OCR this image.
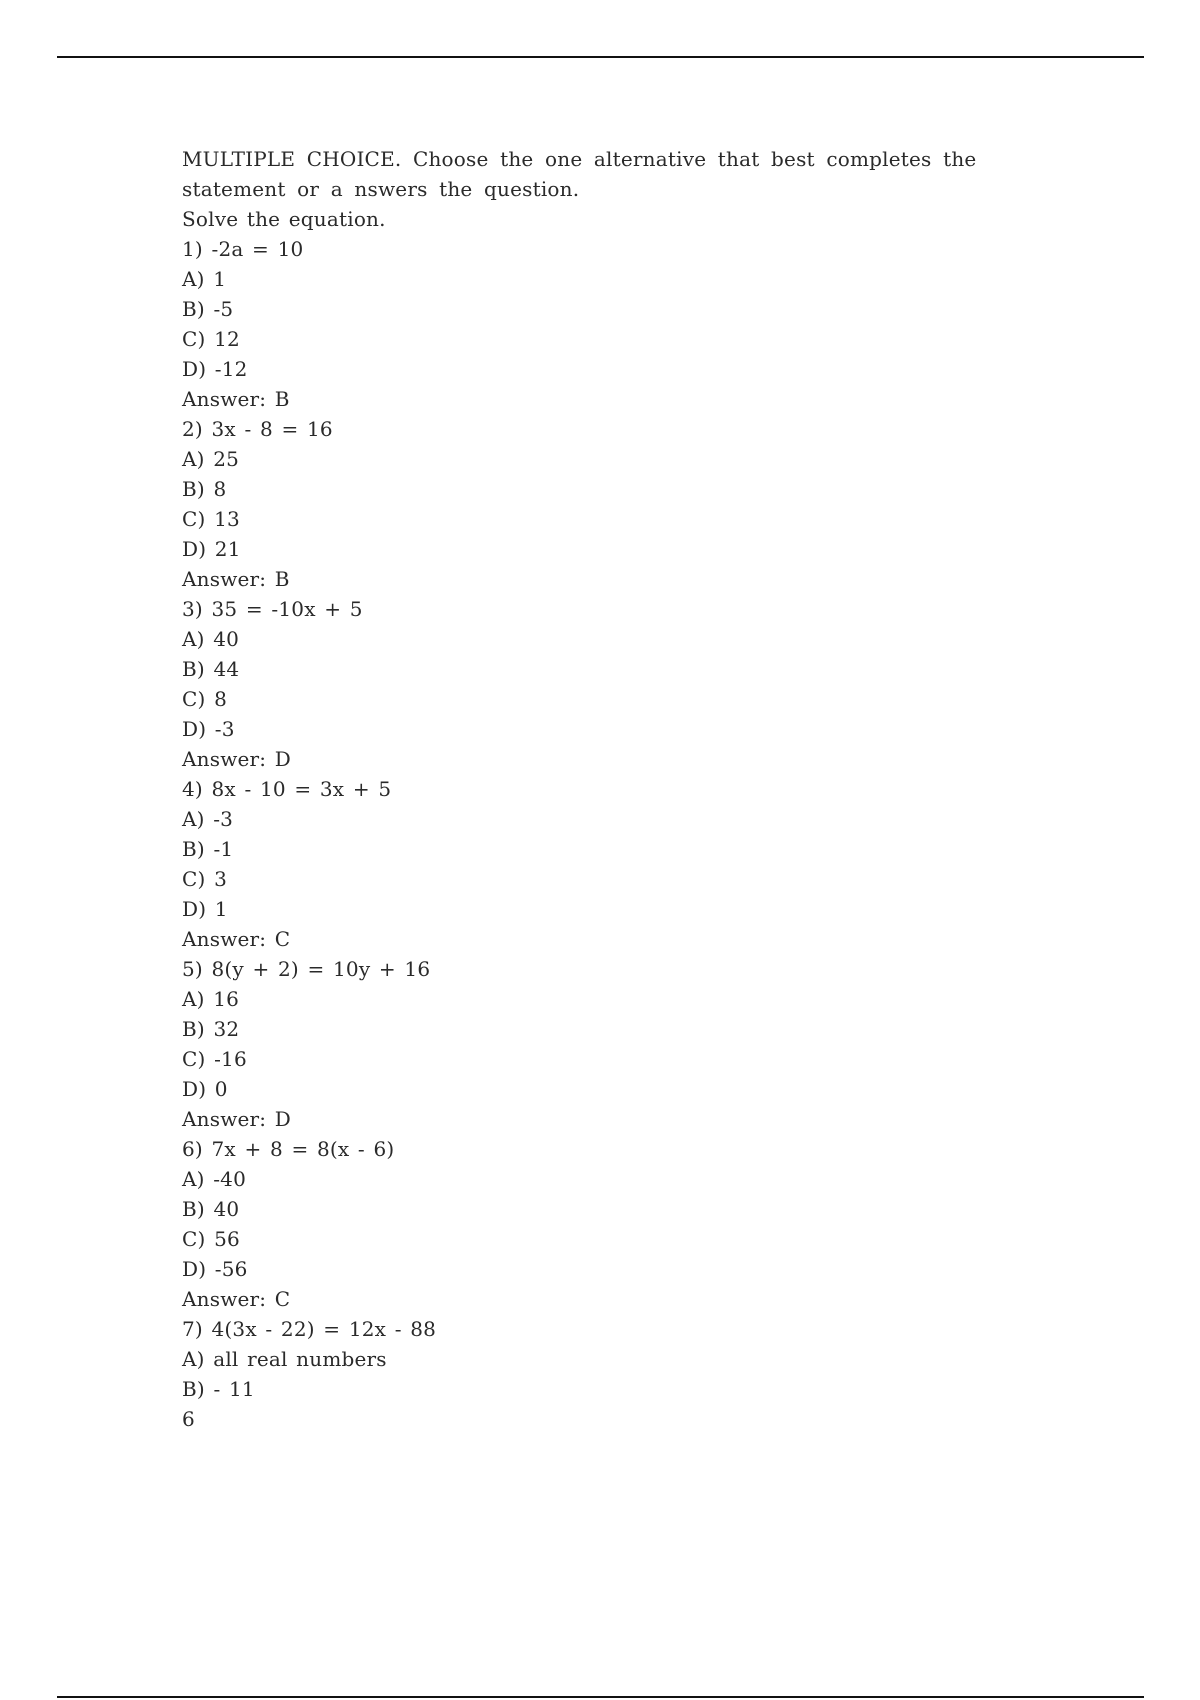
MULTIPLE CHOICE. Choose the one alternative that best completes the statement or a nswers the question.
Solve the equation.
1) -2a = 10
A) 1
B) -5
C) 12
D) -12
Answer: B
2) 3x - 8 = 16
A) 25
B) 8
C) 13
D) 21
Answer: B
3) 35 = -10x + 5
A) 40
B) 44
C) 8
D) -3
Answer: D
4) 8x - 10 = 3x + 5
A) -3
B) -1
C) 3
D) 1
Answer: C
5) 8(y + 2) = 10y + 16
A) 16
B) 32
C) -16
D) 0
Answer: D
6) 7x + 8 = 8(x - 6)
A) -40
B) 40
C) 56
D) -56
Answer: C
7) 4(3x - 22) = 12x - 88
A) all real numbers
B) - 11
6
